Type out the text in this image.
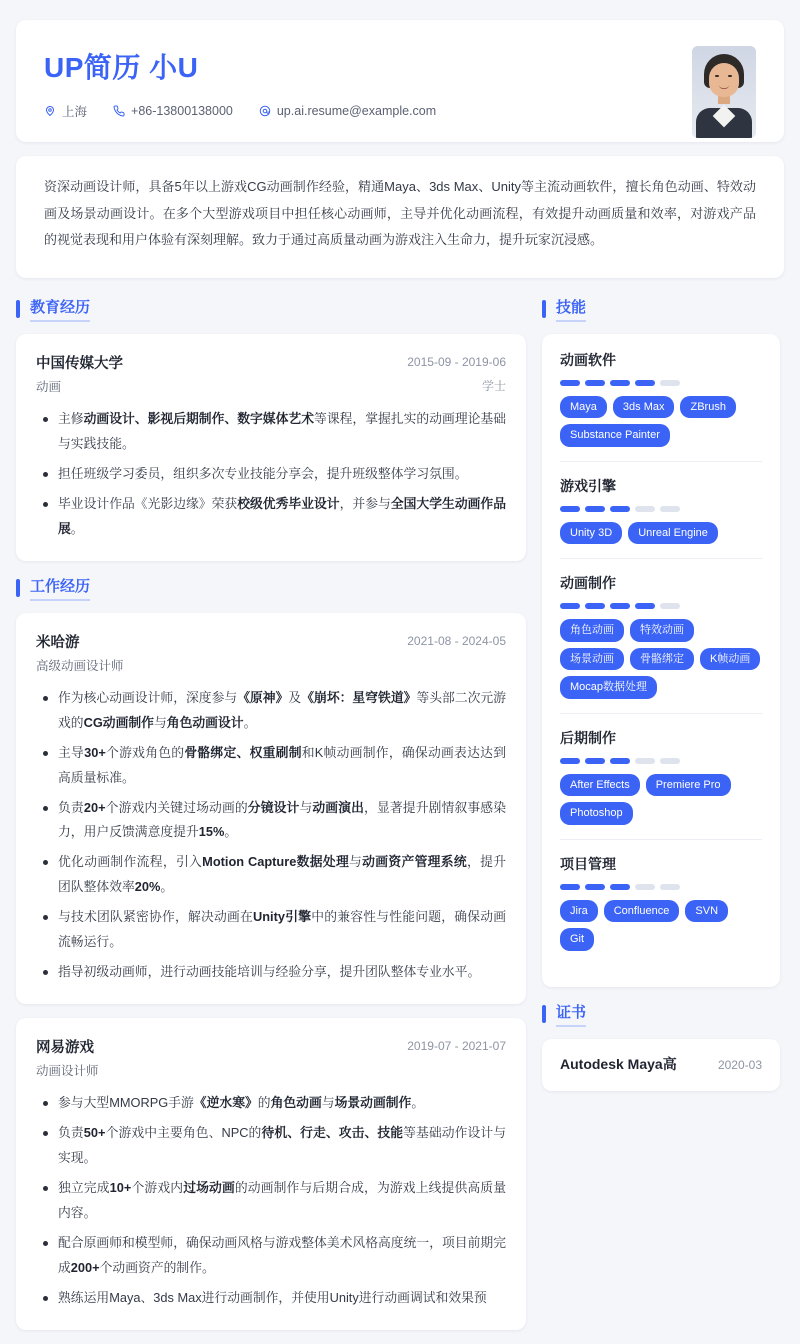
UP简历 小U
上海	+86-13800138000	up.ai.resume@example.com
资深动画设计师，具备5年以上游戏CG动画制作经验，精通Maya、3ds Max、Unity等主流动画软件，擅长角色动画、特效动画及场景动画设计。在多个大型游戏项目中担任核心动画师，主导并优化动画流程，有效提升动画质量和效率，对游戏产品的视觉表现和用户体验有深刻理解。致力于通过高质量动画为游戏注入生命力，提升玩家沉浸感。
教育经历
中国传媒大学	2015-09 - 2019-06
动画	学士
主修动画设计、影视后期制作、数字媒体艺术等课程，掌握扎实的动画理论基础与实践技能。
担任班级学习委员，组织多次专业技能分享会，提升班级整体学习氛围。
毕业设计作品《光影边缘》荣获校级优秀毕业设计，并参与全国大学生动画作品展。
工作经历
米哈游	2021-08 - 2024-05
高级动画设计师
作为核心动画设计师，深度参与《原神》及《崩坏：星穹铁道》等头部二次元游戏的CG动画制作与角色动画设计。
主导30+个游戏角色的骨骼绑定、权重刷制和K帧动画制作，确保动画表达达到高质量标准。
负责20+个游戏内关键过场动画的分镜设计与动画演出，显著提升剧情叙事感染力，用户反馈满意度提升15%。
优化动画制作流程，引入Motion Capture数据处理与动画资产管理系统，提升团队整体效率20%。
与技术团队紧密协作，解决动画在Unity引擎中的兼容性与性能问题，确保动画流畅运行。
指导初级动画师，进行动画技能培训与经验分享，提升团队整体专业水平。
网易游戏	2019-07 - 2021-07
动画设计师
参与大型MMORPG手游《逆水寒》的角色动画与场景动画制作。
负责50+个游戏中主要角色、NPC的待机、行走、攻击、技能等基础动作设计与实现。
独立完成10+个游戏内过场动画的动画制作与后期合成，为游戏上线提供高质量内容。
配合原画师和模型师，确保动画风格与游戏整体美术风格高度统一，项目前期完成200+个动画资产的制作。
熟练运用Maya、3ds Max进行动画制作，并使用Unity进行动画调试和效果预
技能
动画软件
Maya	3ds Max	ZBrush
Substance Painter
游戏引擎
Unity 3D	Unreal Engine
动画制作
角色动画	特效动画
场景动画	骨骼绑定	K帧动画
Mocap数据处理
后期制作
After Effects	Premiere Pro
Photoshop
项目管理
Jira	Confluence	SVN
Git
证书
Autodesk Maya高	2020-03
